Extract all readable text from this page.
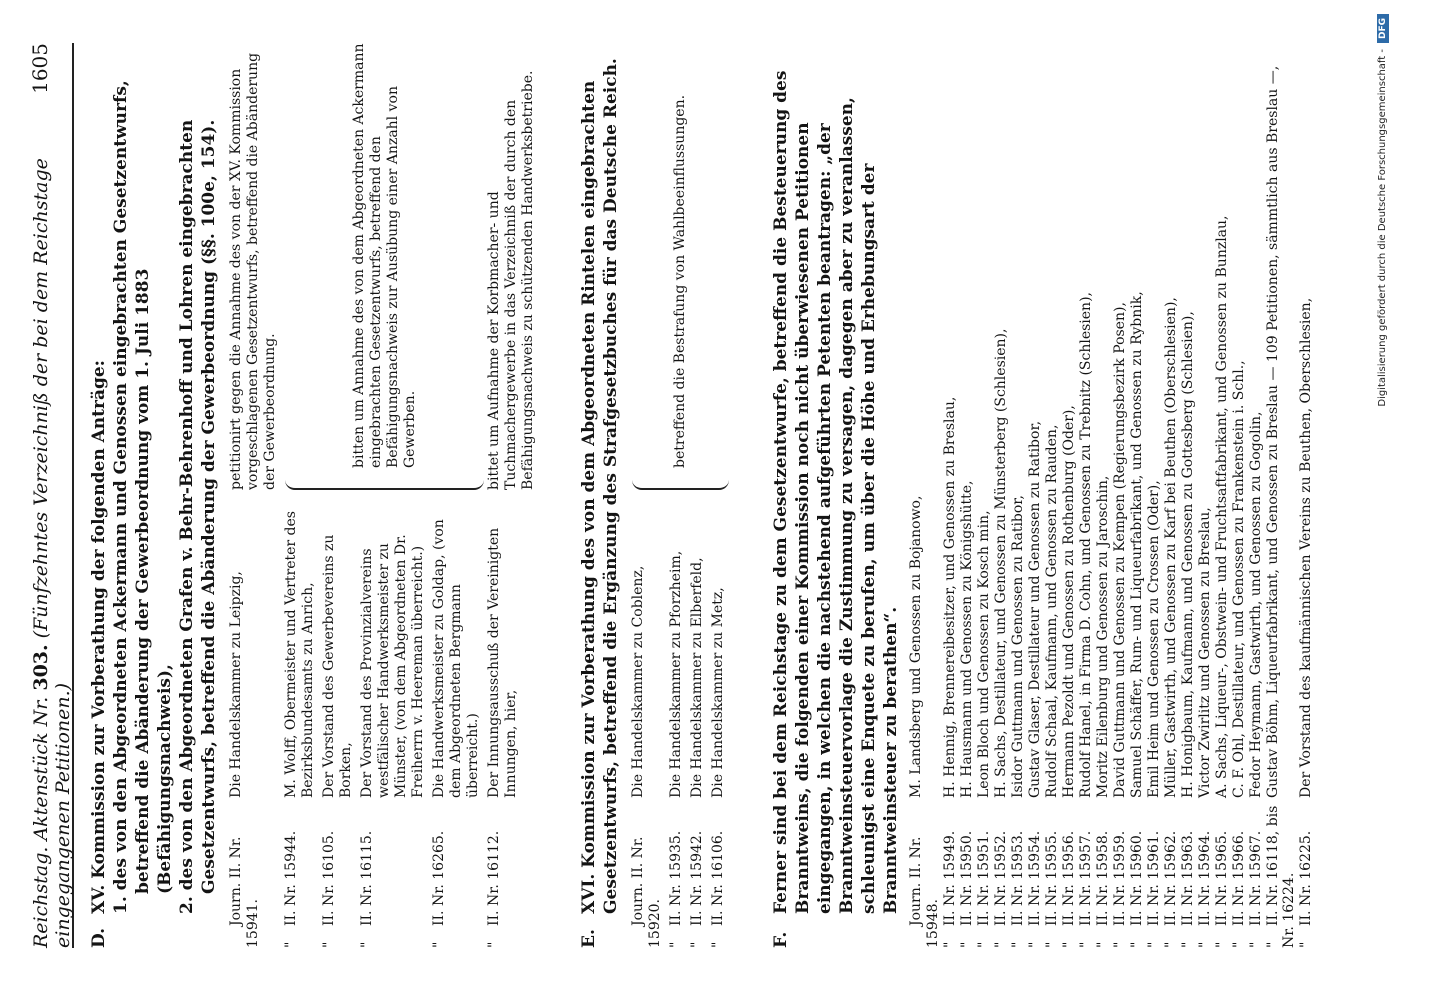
Reichstag. Aktenstück Nr. 303. (Fünfzehntes Verzeichniß der bei dem Reichstage eingegangenen Petitionen.)
1605
D.
XV. Kommission zur Vorberathung der folgenden Anträge: 1. des von den Abgeordneten Ackermann und Genossen eingebrachten Gesetzentwurfs, betreffend die Abänderung der Gewerbeordnung vom 1. Juli 1883 (Befähigungsnachweis), 2. des von den Abgeordneten Grafen v. Behr-Behrenhoff und Lohren eingebrachten Gesetzentwurfs, betreffend die Abänderung der Gewerbeordnung (§§. 100e, 154). Journ. II. Nr. 15941.
Die Handelskammer zu Leipzig,
petitionirt gegen die Annahme des von der XV. Kommission vorgeschlagenen Gesetzentwurfs, betreffend die Abänderung der Gewerbeordnung.
"II. Nr. 15944.
M. Wolff, Obermeister und Vertreter des Bezirksbundesamts zu Anrich,
"II. Nr. 16105.
Der Vorstand des Gewerbevereins zu Borken,
"II. Nr. 16115.
Der Vorstand des Provinzialvereins westfälischer Handwerksmeister zu Münster, (von dem Abgeordneten Dr. Freiherrn v. Heereman überreicht.)
"II. Nr. 16265.
Die Handwerksmeister zu Goldap, (von dem Abgeordneten Bergmann überreicht.)
bitten um Annahme des von dem Abgeordneten Ackermann eingebrachten Gesetzentwurfs, betreffend den Befähigungsnachweis zur Ausübung einer Anzahl von Gewerben.
"II. Nr. 16112.
Der Innungsausschuß der Vereinigten Innungen, hier,
bittet um Aufnahme der Korbmacher- und Tuchmachergewerbe in das Verzeichniß der durch den Befähigungsnachweis zu schützenden Handwerksbetriebe.
E.
XVI. Kommission zur Vorberathung des von dem Abgeordneten Rintelen eingebrachten Gesetzentwurfs, betreffend die Ergänzung des Strafgesetzbuches für das Deutsche Reich. Journ. II. Nr. 15920.
Die Handelskammer zu Coblenz,
"II. Nr. 15935.
Die Handelskammer zu Pforzheim,
"II. Nr. 15942.
Die Handelskammer zu Elberfeld,
"II. Nr. 16106.
Die Handelskammer zu Metz,
betreffend die Bestrafung von Wahlbeeinflussungen.
F.
Ferner sind bei dem Reichstage zu dem Gesetzentwurfe, betreffend die Besteuerung des Branntweins, die folgenden einer Kommission noch nicht überwiesenen Petitionen eingegangen, in welchen die nachstehend aufgeführten Petenten beantragen: „der Branntweinsteuervorlage die Zustimmung zu versagen, dagegen aber zu veranlassen, schleunigst eine Enquete zu berufen, um über die Höhe und Erhebungsart der Branntweinsteuer zu berathen“. Journ. II. Nr. 15948.
M. Landsberg und Genossen zu Bojanowo,
"II. Nr. 15949.
H. Hennig, Brennereibesitzer, und Genossen zu Breslau,
"II. Nr. 15950.
H. Hausmann und Genossen zu Königshütte,
"II. Nr. 15951.
Leon Bloch und Genossen zu Kosch min,
"II. Nr. 15952.
H. Sachs, Destillateur, und Genossen zu Münsterberg (Schlesien),
"II. Nr. 15953.
Isidor Guttmann und Genossen zu Ratibor,
"II. Nr. 15954.
Gustav Glaser, Destillateur und Genossen zu Ratibor,
"II. Nr. 15955.
Rudolf Schaal, Kaufmann, und Genossen zu Rauden,
"II. Nr. 15956.
Hermann Pezoldt und Genossen zu Rothenburg (Oder),
"II. Nr. 15957.
Rudolf Hanel, in Firma D. Cohn, und Genossen zu Trebnitz (Schlesien),
"II. Nr. 15958.
Moritz Eilenburg und Genossen zu Jaroschin,
"II. Nr. 15959.
David Guttmann und Genossen zu Kempen (Regierungsbezirk Posen),
"II. Nr. 15960.
Samuel Schäffer, Rum- und Liqueurfabrikant, und Genossen zu Rybnik,
"II. Nr. 15961.
Emil Heim und Genossen zu Crossen (Oder),
"II. Nr. 15962.
Müller, Gastwirth, und Genossen zu Karf bei Beuthen (Oberschlesien),
"II. Nr. 15963.
H. Honigbaum, Kaufmann, und Genossen zu Gottesberg (Schlesien),
"II. Nr. 15964.
Victor Zwirlitz und Genossen zu Breslau,
"II. Nr. 15965.
A. Sachs, Liqueur-, Obstwein- und Fruchtsaftfabrikant, und Genossen zu Bunzlau,
"II. Nr. 15966.
C. F. Ohl, Destillateur, und Genossen zu Frankenstein i. Schl.,
"II. Nr. 15967.
Fedor Heymann, Gastwirth, und Genossen zu Gogolin,
"II. Nr. 16118, bis Nr. 16224.
Gustav Böhm, Liqueurfabrikant, und Genossen zu Breslau — 109 Petitionen, sämmtlich aus Breslau —,
"II. Nr. 16225.
Der Vorstand des kaufmännischen Vereins zu Beuthen, Oberschlesien,
Digitalisierung gefördert durch die Deutsche Forschungsgemeinschaft -
DFG
